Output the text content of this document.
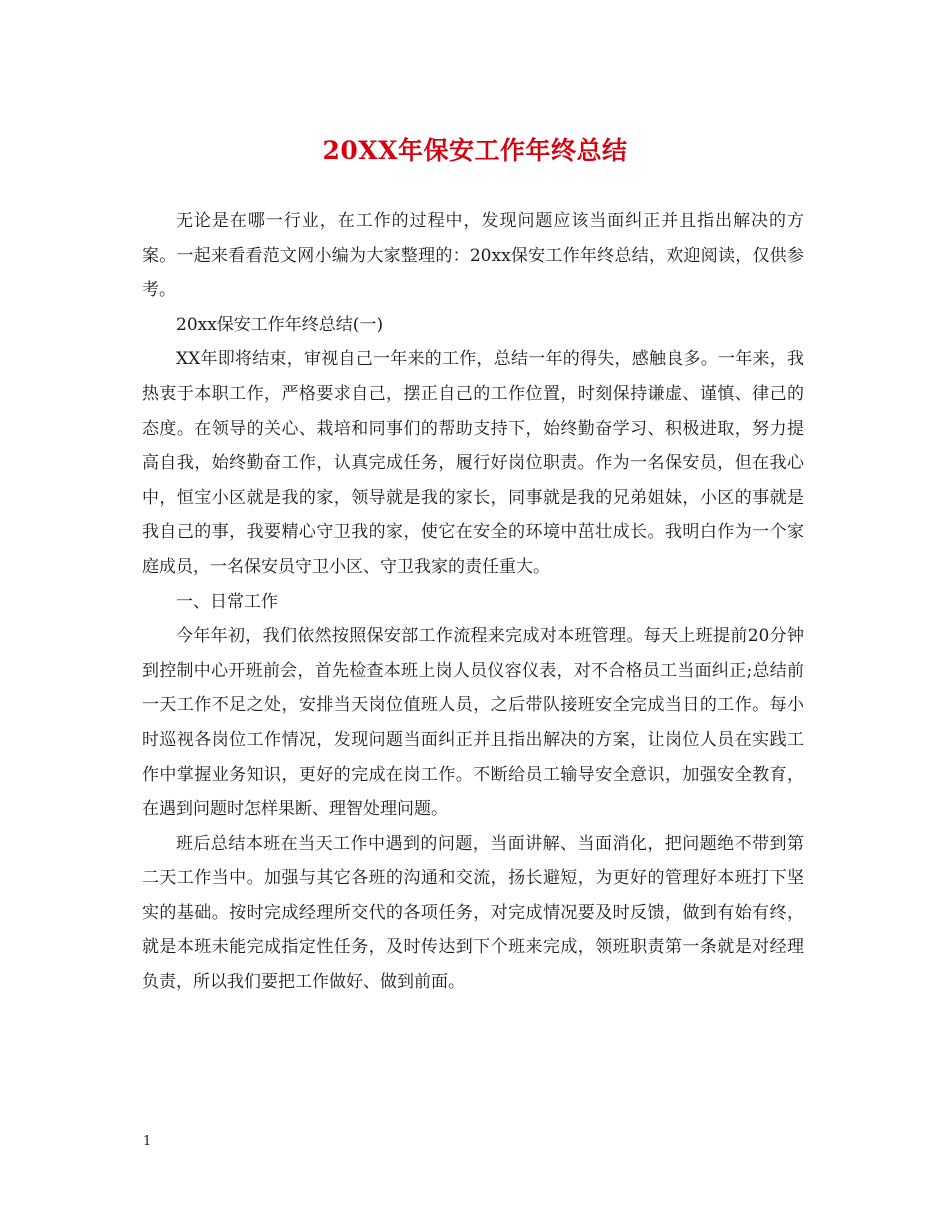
20XX年保安工作年终总结

无论是在哪一行业，在工作的过程中，发现问题应该当面纠正并且指出解决的方案。一起来看看范文网小编为大家整理的：20xx保安工作年终总结，欢迎阅读，仅供参考。

20xx保安工作年终总结(一)

XX年即将结束，审视自己一年来的工作，总结一年的得失，感触良多。一年来，我热衷于本职工作，严格要求自己，摆正自己的工作位置，时刻保持谦虚、谨慎、律己的态度。在领导的关心、栽培和同事们的帮助支持下，始终勤奋学习、积极进取，努力提高自我，始终勤奋工作，认真完成任务，履行好岗位职责。作为一名保安员，但在我心中，恒宝小区就是我的家，领导就是我的家长，同事就是我的兄弟姐妹，小区的事就是我自己的事，我要精心守卫我的家，使它在安全的环境中茁壮成长。我明白作为一个家庭成员，一名保安员守卫小区、守卫我家的责任重大。

一、日常工作

今年年初，我们依然按照保安部工作流程来完成对本班管理。每天上班提前20分钟到控制中心开班前会，首先检查本班上岗人员仪容仪表，对不合格员工当面纠正;总结前一天工作不足之处，安排当天岗位值班人员，之后带队接班安全完成当日的工作。每小时巡视各岗位工作情况，发现问题当面纠正并且指出解决的方案，让岗位人员在实践工作中掌握业务知识，更好的完成在岗工作。不断给员工输导安全意识，加强安全教育，在遇到问题时怎样果断、理智处理问题。

班后总结本班在当天工作中遇到的问题，当面讲解、当面消化，把问题绝不带到第二天工作当中。加强与其它各班的沟通和交流，扬长避短，为更好的管理好本班打下坚实的基础。按时完成经理所交代的各项任务，对完成情况要及时反馈，做到有始有终，就是本班未能完成指定性任务，及时传达到下个班来完成，领班职责第一条就是对经理负责，所以我们要把工作做好、做到前面。

1
